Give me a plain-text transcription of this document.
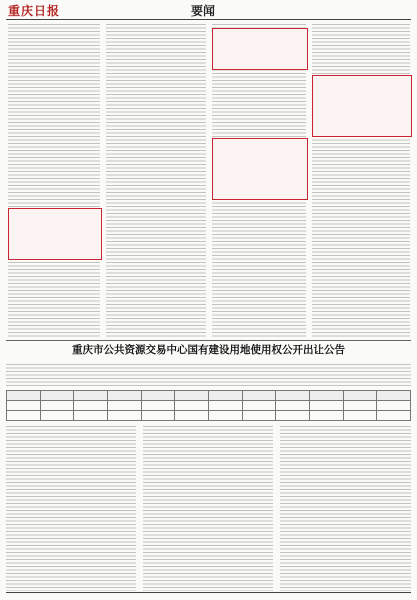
重庆日报	要闻
重庆市公共资源交易中心国有建设用地使用权公开出让公告
